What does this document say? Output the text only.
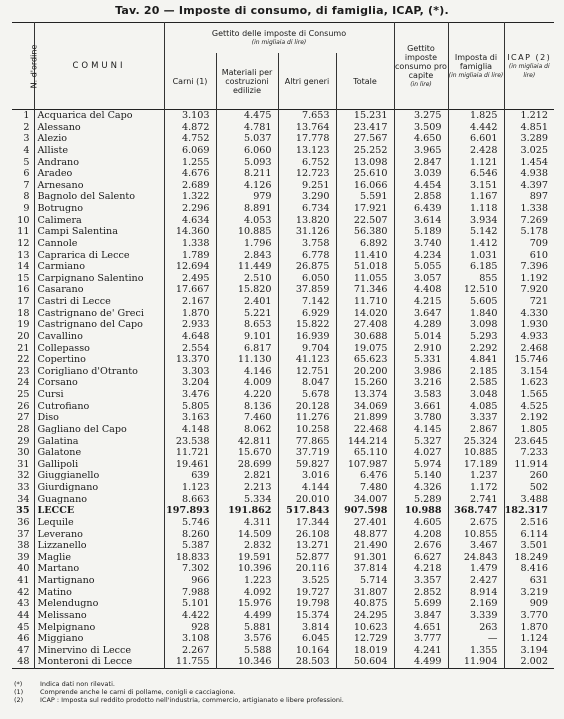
Tav. 20 — Imposte di consumo, di famiglia, ICAP, (*).
N. d'ordine	COMUNI	Gettito delle imposte di Consumo
(in migliaia di lire)				Gettito imposte consumo pro capite
(in lire)	Imposta di famiglia
(in migliaia di lire)	ICAP (2)
(in migliaia di lire)

		Carni (1)	Materiali per costruzioni edilizie	Altri generi	Totale			
1	Acquarica del Capo	3.103	4.475	7.653	15.231	3.275	1.825	1.212
2	Alessano	4.872	4.781	13.764	23.417	3.509	4.442	4.851
3	Alezio	4.752	5.037	17.778	27.567	4.650	6.601	3.289
4	Alliste	6.069	6.060	13.123	25.252	3.965	2.428	3.025
5	Andrano	1.255	5.093	6.752	13.098	2.847	1.121	1.454
6	Aradeo	4.676	8.211	12.723	25.610	3.039	6.546	4.938
7	Arnesano	2.689	4.126	9.251	16.066	4.454	3.151	4.397
8	Bagnolo del Salento	1.322	979	3.290	5.591	2.858	1.167	897
9	Botrugno	2.296	8.891	6.734	17.921	6.439	1.118	1.338
10	Calimera	4.634	4.053	13.820	22.507	3.614	3.934	7.269
11	Campi Salentina	14.360	10.885	31.126	56.380	5.189	5.142	5.178
12	Cannole	1.338	1.796	3.758	6.892	3.740	1.412	709
13	Caprarica di Lecce	1.789	2.843	6.778	11.410	4.234	1.031	610
14	Carmiano	12.694	11.449	26.875	51.018	5.055	6.185	7.396
15	Carpignano Salentino	2.495	2.510	6.050	11.055	3.057	855	1.192
16	Casarano	17.667	15.820	37.859	71.346	4.408	12.510	7.920
17	Castri di Lecce	2.167	2.401	7.142	11.710	4.215	5.605	721
18	Castrignano de' Greci	1.870	5.221	6.929	14.020	3.647	1.840	4.330
19	Castrignano del Capo	2.933	8.653	15.822	27.408	4.289	3.098	1.930
20	Cavallino	4.648	9.101	16.939	30.688	5.014	5.293	4.933
21	Collepasso	2.554	6.817	9.704	19.075	2.910	2.292	2.468
22	Copertino	13.370	11.130	41.123	65.623	5.331	4.841	15.746
23	Corigliano d'Otranto	3.303	4.146	12.751	20.200	3.986	2.185	3.154
24	Corsano	3.204	4.009	8.047	15.260	3.216	2.585	1.623
25	Cursi	3.476	4.220	5.678	13.374	3.583	3.048	1.565
26	Cutrofiano	5.805	8.136	20.128	34.069	3.661	4.085	4.525
27	Diso	3.163	7.460	11.276	21.899	3.780	3.337	2.192
28	Gagliano del Capo	4.148	8.062	10.258	22.468	4.145	2.867	1.805
29	Galatina	23.538	42.811	77.865	144.214	5.327	25.324	23.645
30	Galatone	11.721	15.670	37.719	65.110	4.027	10.885	7.233
31	Gallipoli	19.461	28.699	59.827	107.987	5.974	17.189	11.914
32	Giuggianello	639	2.821	3.016	6.476	5.140	1.237	260
33	Giurdignano	1.123	2.213	4.144	7.480	4.326	1.172	502
34	Guagnano	8.663	5.334	20.010	34.007	5.289	2.741	3.488
35	LECCE	197.893	191.862	517.843	907.598	10.988	368.747	182.317
36	Lequile	5.746	4.311	17.344	27.401	4.605	2.675	2.516
37	Leverano	8.260	14.509	26.108	48.877	4.208	10.855	6.114
38	Lizzanello	5.387	2.832	13.271	21.490	2.676	3.467	3.501
39	Maglie	18.833	19.591	52.877	91.301	6.627	24.843	18.249
40	Martano	7.302	10.396	20.116	37.814	4.218	1.479	8.416
41	Martignano	966	1.223	3.525	5.714	3.357	2.427	631
42	Matino	7.988	4.092	19.727	31.807	2.852	8.914	3.219
43	Melendugno	5.101	15.976	19.798	40.875	5.699	2.169	909
44	Melissano	4.422	4.499	15.374	24.295	3.847	3.339	3.770
45	Melpignano	928	5.881	3.814	10.623	4.651	263	1.870
46	Miggiano	3.108	3.576	6.045	12.729	3.777	—	1.124
47	Minervino di Lecce	2.267	5.588	10.164	18.019	4.241	1.355	3.194
48	Monteroni di Lecce	11.755	10.346	28.503	50.604	4.499	11.904	2.002
(*)	Indica dati non rilevati.
(1)	Comprende anche le carni di pollame, conigli e cacciagione.
(2)	ICAP : Imposta sul reddito prodotto nell'industria, commercio, artigianato e libere professioni.
